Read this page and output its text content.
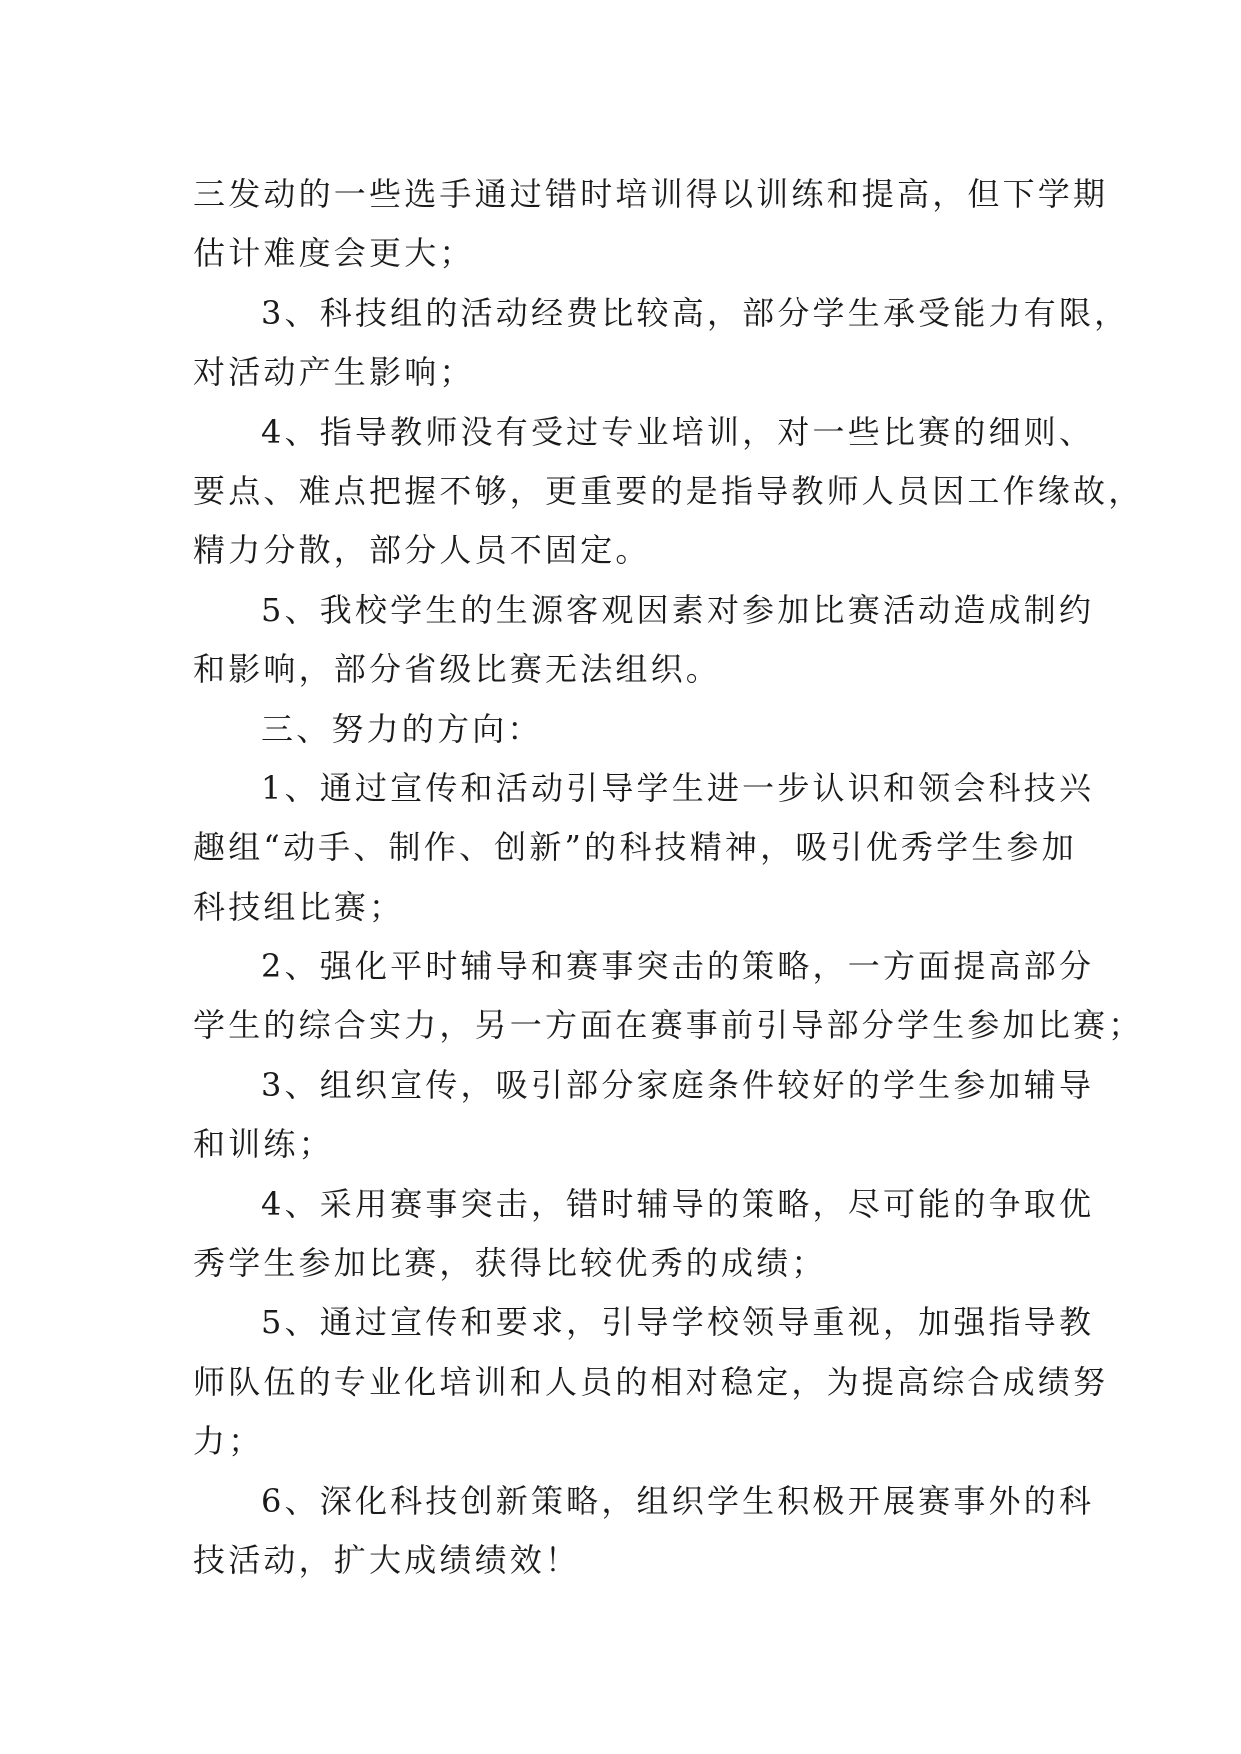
三发动的一些选手通过错时培训得以训练和提高，但下学期
估计难度会更大；
3、科技组的活动经费比较高，部分学生承受能力有限，
对活动产生影响；
4、指导教师没有受过专业培训，对一些比赛的细则、
要点、难点把握不够，更重要的是指导教师人员因工作缘故，
精力分散，部分人员不固定。
5、我校学生的生源客观因素对参加比赛活动造成制约
和影响，部分省级比赛无法组织。
三、努力的方向：
1、通过宣传和活动引导学生进一步认识和领会科技兴
趣组“动手、制作、创新”的科技精神，吸引优秀学生参加
科技组比赛；
2、强化平时辅导和赛事突击的策略，一方面提高部分
学生的综合实力，另一方面在赛事前引导部分学生参加比赛；
3、组织宣传，吸引部分家庭条件较好的学生参加辅导
和训练；
4、采用赛事突击，错时辅导的策略，尽可能的争取优
秀学生参加比赛，获得比较优秀的成绩；
5、通过宣传和要求，引导学校领导重视，加强指导教
师队伍的专业化培训和人员的相对稳定，为提高综合成绩努
力；
6、深化科技创新策略，组织学生积极开展赛事外的科
技活动，扩大成绩绩效！
